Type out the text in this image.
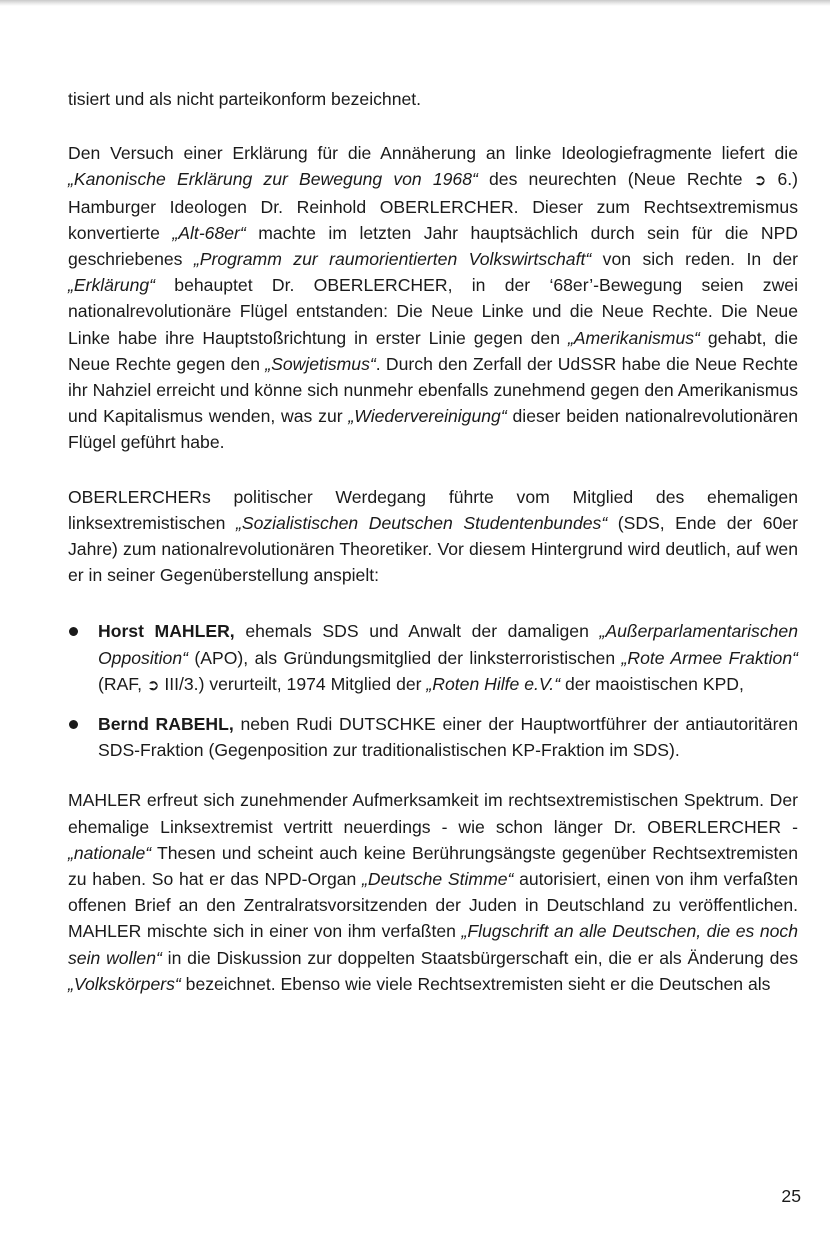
tisiert und als nicht parteikonform bezeichnet.

Den Versuch einer Erklärung für die Annäherung an linke Ideologiefragmente liefert die „Kanonische Erklärung zur Bewegung von 1968“ des neurechten (Neue Rechte ➲ 6.) Hamburger Ideologen Dr. Reinhold OBERLERCHER. Dieser zum Rechtsextremismus konvertierte „Alt-68er“ machte im letzten Jahr hauptsächlich durch sein für die NPD geschriebenes „Programm zur raumorientierten Volkswirtschaft“ von sich reden. In der „Erklärung“ behauptet Dr. OBERLERCHER, in der ‘68er’-Bewegung seien zwei nationalrevolutionäre Flügel entstanden: Die Neue Linke und die Neue Rechte. Die Neue Linke habe ihre Hauptstoßrichtung in erster Linie gegen den „Amerikanismus“ gehabt, die Neue Rechte gegen den „Sowjetismus“. Durch den Zerfall der UdSSR habe die Neue Rechte ihr Nahziel erreicht und könne sich nunmehr ebenfalls zunehmend gegen den Amerikanismus und Kapitalismus wenden, was zur „Wiedervereinigung“ dieser beiden nationalrevolutionären Flügel geführt habe.

OBERLERCHERs politischer Werdegang führte vom Mitglied des ehemaligen linksextremistischen „Sozialistischen Deutschen Studentenbundes“ (SDS, Ende der 60er Jahre) zum nationalrevolutionären Theoretiker. Vor diesem Hintergrund wird deutlich, auf wen er in seiner Gegenüberstellung anspielt:

Horst MAHLER, ehemals SDS und Anwalt der damaligen „Außerparlamentarischen Opposition“ (APO), als Gründungsmitglied der linksterroristischen „Rote Armee Fraktion“ (RAF, ➲ III/3.) verurteilt, 1974 Mitglied der „Roten Hilfe e.V.“ der maoistischen KPD,
Bernd RABEHL, neben Rudi DUTSCHKE einer der Hauptwortführer der antiautoritären SDS-Fraktion (Gegenposition zur traditionalistischen KP-Fraktion im SDS).

MAHLER erfreut sich zunehmender Aufmerksamkeit im rechtsextremistischen Spektrum. Der ehemalige Linksextremist vertritt neuerdings - wie schon länger Dr. OBERLERCHER - „nationale“ Thesen und scheint auch keine Berührungsängste gegenüber Rechtsextremisten zu haben. So hat er das NPD-Organ „Deutsche Stimme“ autorisiert, einen von ihm verfaßten offenen Brief an den Zentralratsvorsitzenden der Juden in Deutschland zu veröffentlichen. MAHLER mischte sich in einer von ihm verfaßten „Flugschrift an alle Deutschen, die es noch sein wollen“ in die Diskussion zur doppelten Staatsbürgerschaft ein, die er als Änderung des „Volkskörpers“ bezeichnet. Ebenso wie viele Rechtsextremisten sieht er die Deutschen als

25
